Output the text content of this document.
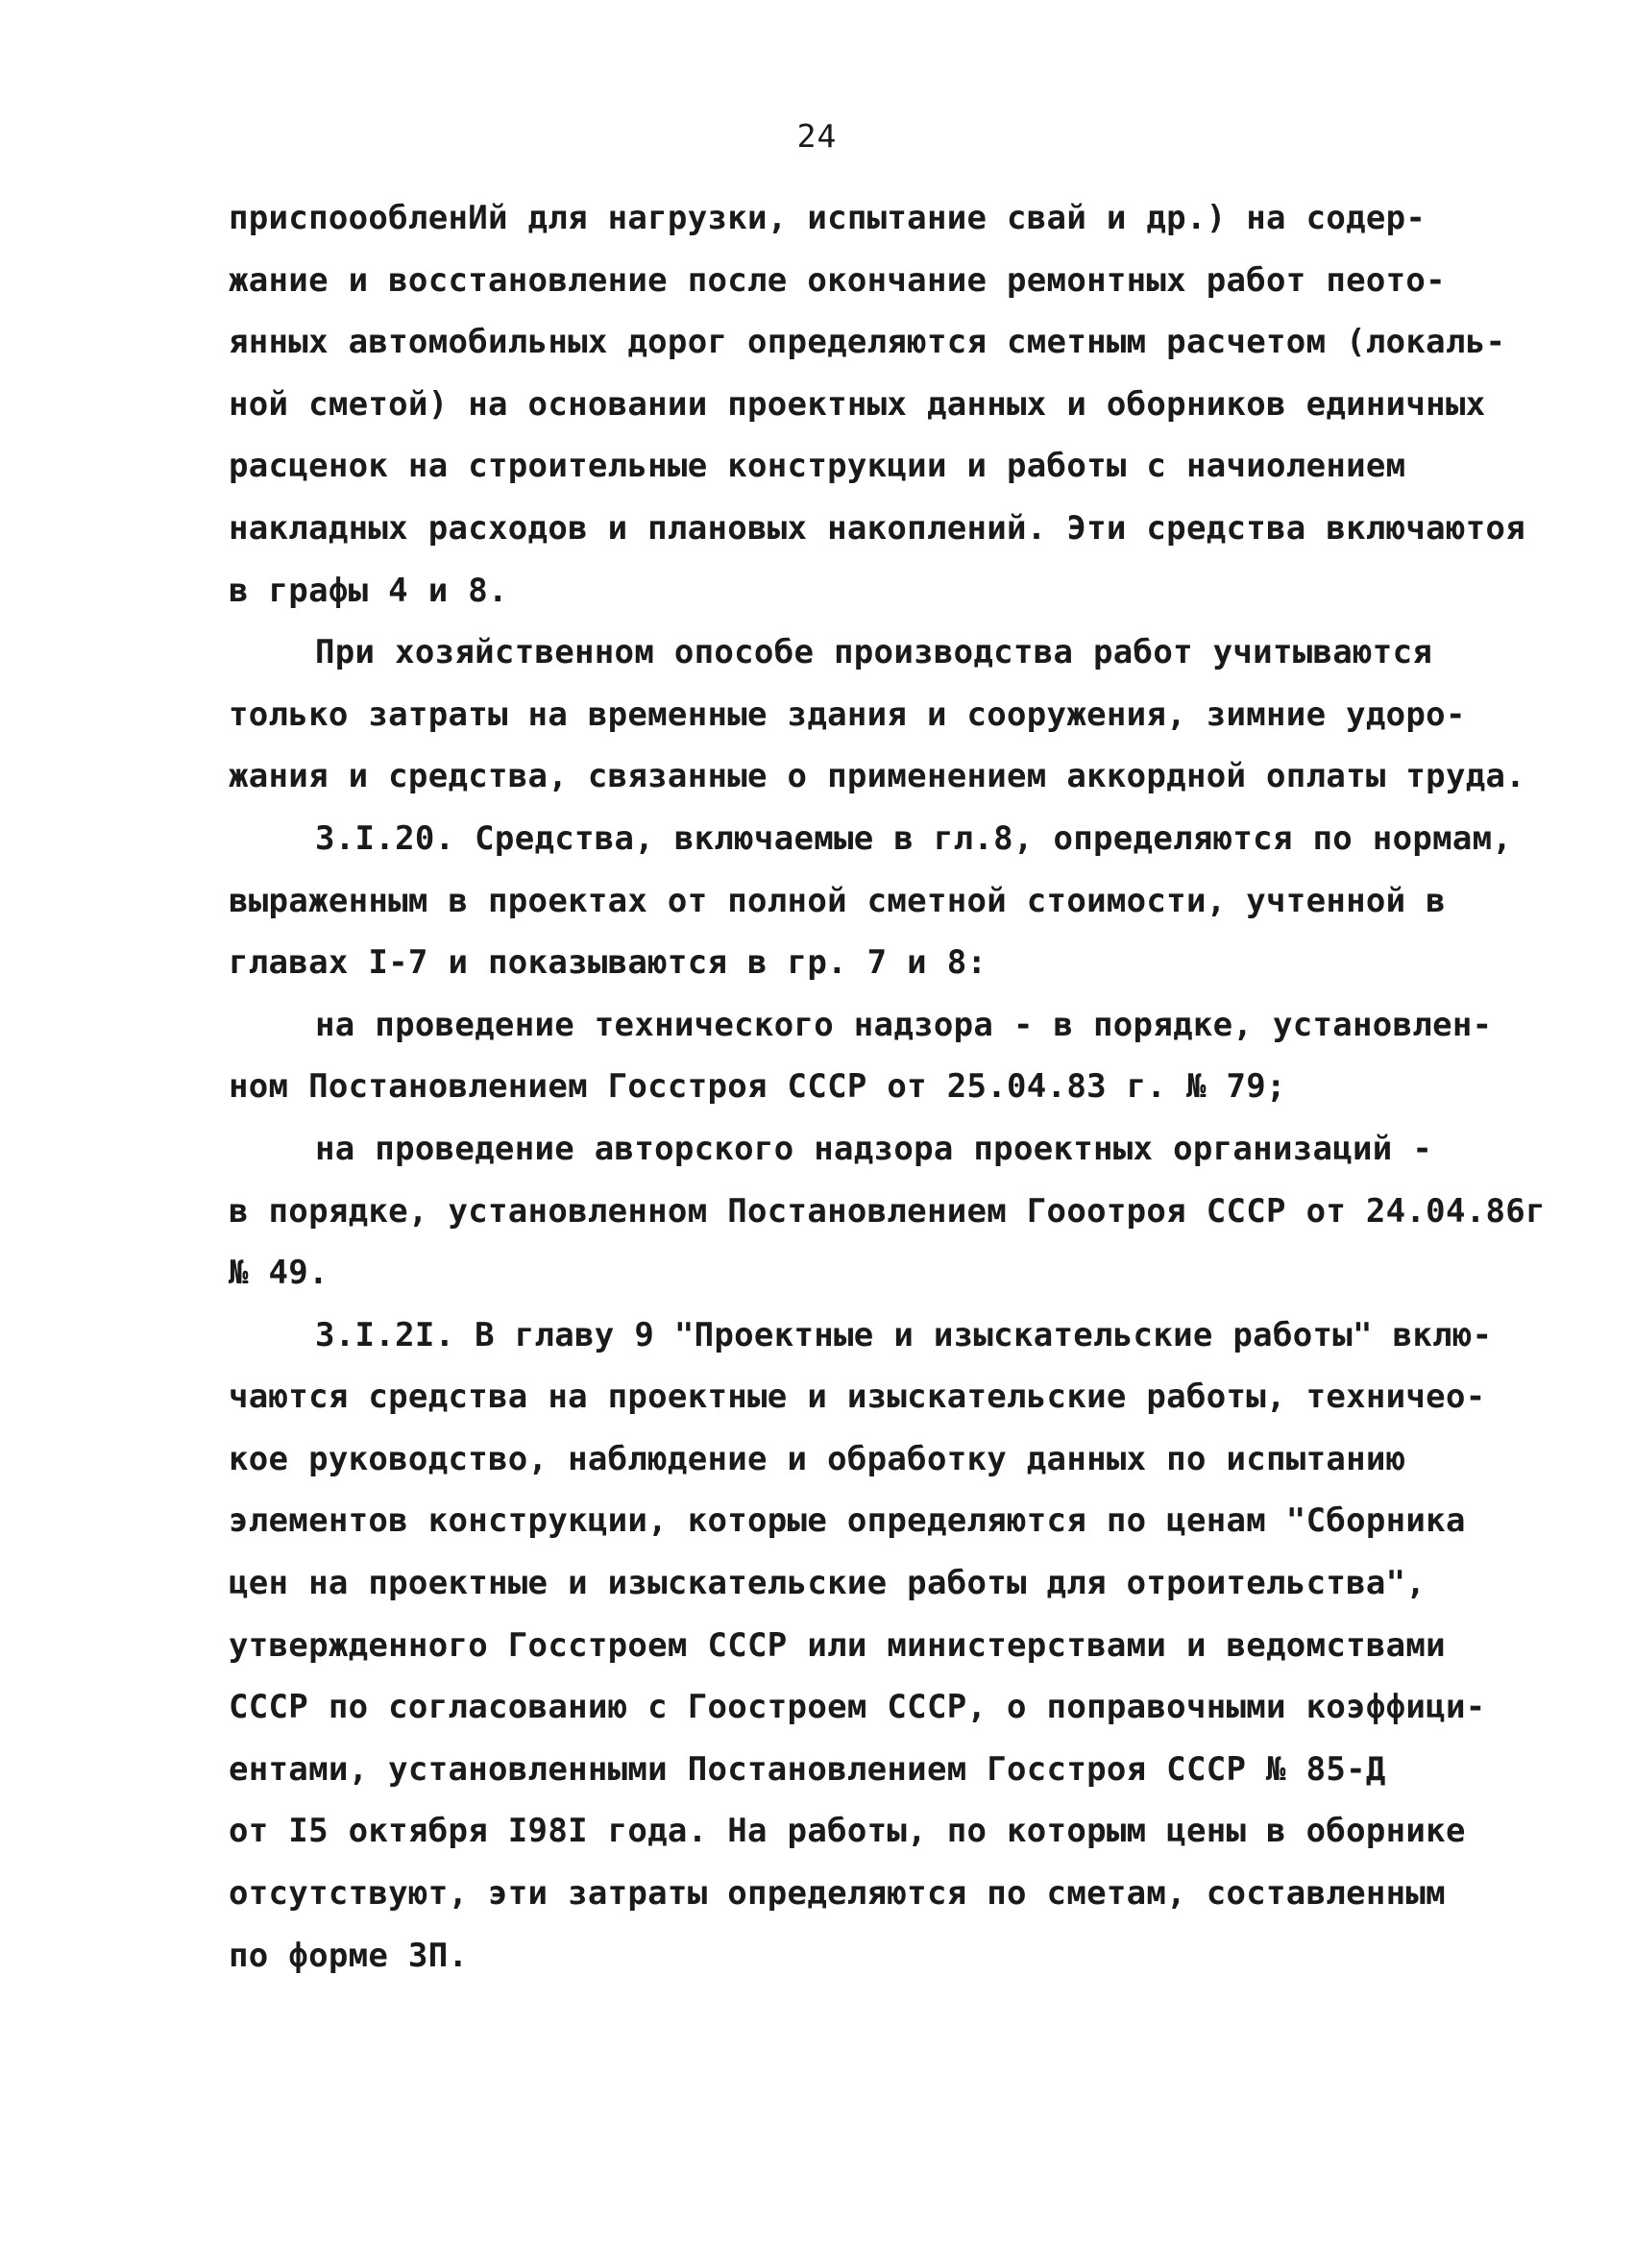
24
приспоообленИй для нагрузки, испытание свай и др.) на содер-
жание и восстановление после окончание ремонтных работ пеото-
янных автомобильных дорог определяются сметным расчетом (локаль-
ной сметой) на основании проектных данных и оборников единичных
расценок на строительные конструкции и работы с начиолением
накладных расходов и плановых накоплений. Эти средства включаютоя
в графы 4 и 8.
При хозяйственном опособе производства работ учитываются
только затраты на временные здания и сооружения, зимние удоро-
жания и средства, связанные о применением аккордной оплаты труда.
3.I.20. Средства, включаемые в гл.8, определяются по нормам,
выраженным в проектах от полной сметной стоимости, учтенной в
главах I-7 и показываются в гр. 7 и 8:
на проведение технического надзора - в порядке, установлен-
ном Постановлением Госстроя СССР от 25.04.83 г. № 79;
на проведение авторского надзора проектных организаций -
в порядке, установленном Постановлением Гооотроя СССР от 24.04.86г
№ 49.
3.I.2I. В главу 9 "Проектные и изыскательские работы" вклю-
чаются средства на проектные и изыскательские работы, техничео-
кое руководство, наблюдение и обработку данных по испытанию
элементов конструкции, которые определяются по ценам "Сборника
цен на проектные и изыскательские работы для отроительства",
утвержденного Госстроем СССР или министерствами и ведомствами
СССР по согласованию с Гоостроем СССР, о поправочными коэффици-
ентами, установленными Постановлением Госстроя СССР № 85-Д
от I5 октября I98I года. На работы, по которым цены в оборнике
отсутствуют, эти затраты определяются по сметам, составленным
по форме 3П.
